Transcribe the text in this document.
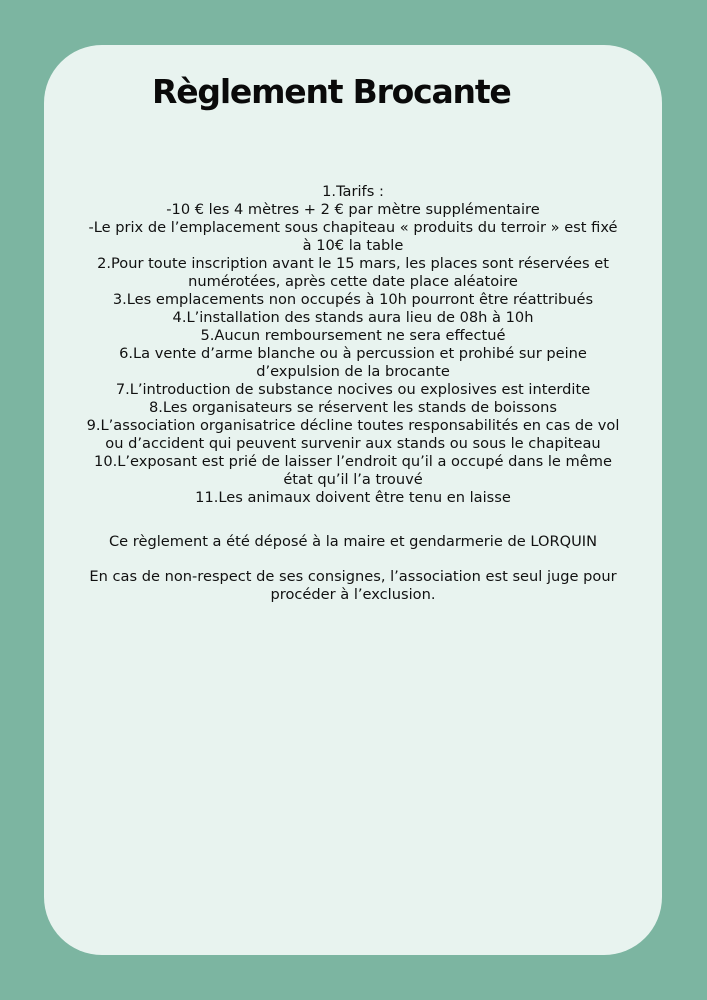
Règlement Brocante

1.Tarifs :
-10 € les 4 mètres + 2 € par mètre supplémentaire
-Le prix de l’emplacement sous chapiteau « produits du terroir » est fixé
à 10€ la table

2.Pour toute inscription avant le 15 mars, les places sont réservées et
numérotées, après cette date place aléatoire

3.Les emplacements non occupés à 10h pourront être réattribués

4.L’installation des stands aura lieu de 08h à 10h

5.Aucun remboursement ne sera effectué

6.La vente d’arme blanche ou à percussion et prohibé sur peine
d’expulsion de la brocante

7.L’introduction de substance nocives ou explosives est interdite

8.Les organisateurs se réservent les stands de boissons

9.L’association organisatrice décline toutes responsabilités en cas de vol
ou d’accident qui peuvent survenir aux stands ou sous le chapiteau

10.L’exposant est prié de laisser l’endroit qu’il a occupé dans le même
état qu’il l’a trouvé

11.Les animaux doivent être tenu en laisse

Ce règlement a été déposé à la maire et gendarmerie de LORQUIN

En cas de non-respect de ses consignes, l’association est seul juge pour
procéder à l’exclusion.
